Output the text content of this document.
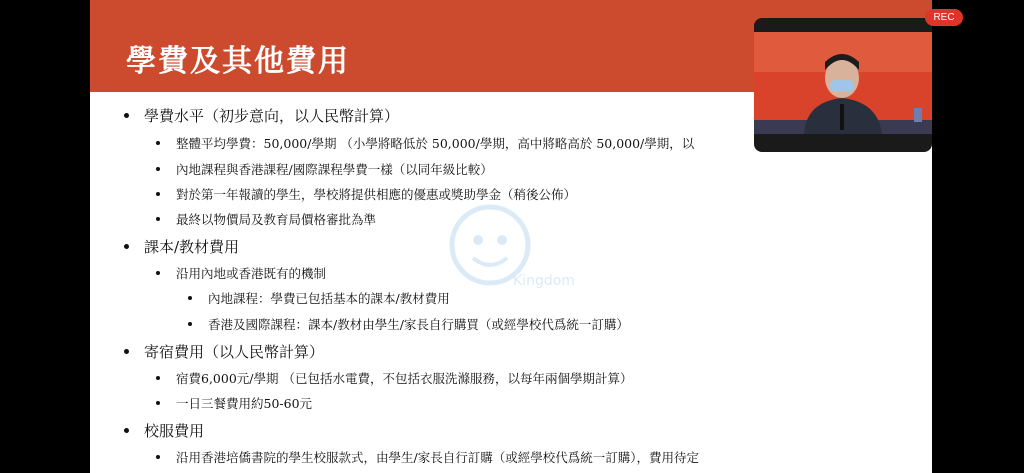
學費及其他費用
Kingdom
學費水平（初步意向，以人民幣計算）
整體平均學費：50,000/學期 （小學將略低於 50,000/學期，高中將略高於 50,000/學期，以
內地課程與香港課程/國際課程學費一樣（以同年級比較）
對於第一年報讀的學生，學校將提供相應的優惠或獎助學金（稍後公佈）
最終以物價局及教育局價格審批為準
課本/教材費用
沿用內地或香港既有的機制
內地課程：學費已包括基本的課本/教材費用
香港及國際課程：課本/教材由學生/家長自行購買（或經學校代爲統一訂購）
寄宿費用（以人民幣計算）
宿費6,000元/學期 （已包括水電費，不包括衣服洗滌服務，以每年兩個學期計算）
一日三餐費用約50-60元
校服費用
沿用香港培僑書院的學生校服款式，由學生/家長自行訂購（或經學校代爲統一訂購），費用待定
REC
